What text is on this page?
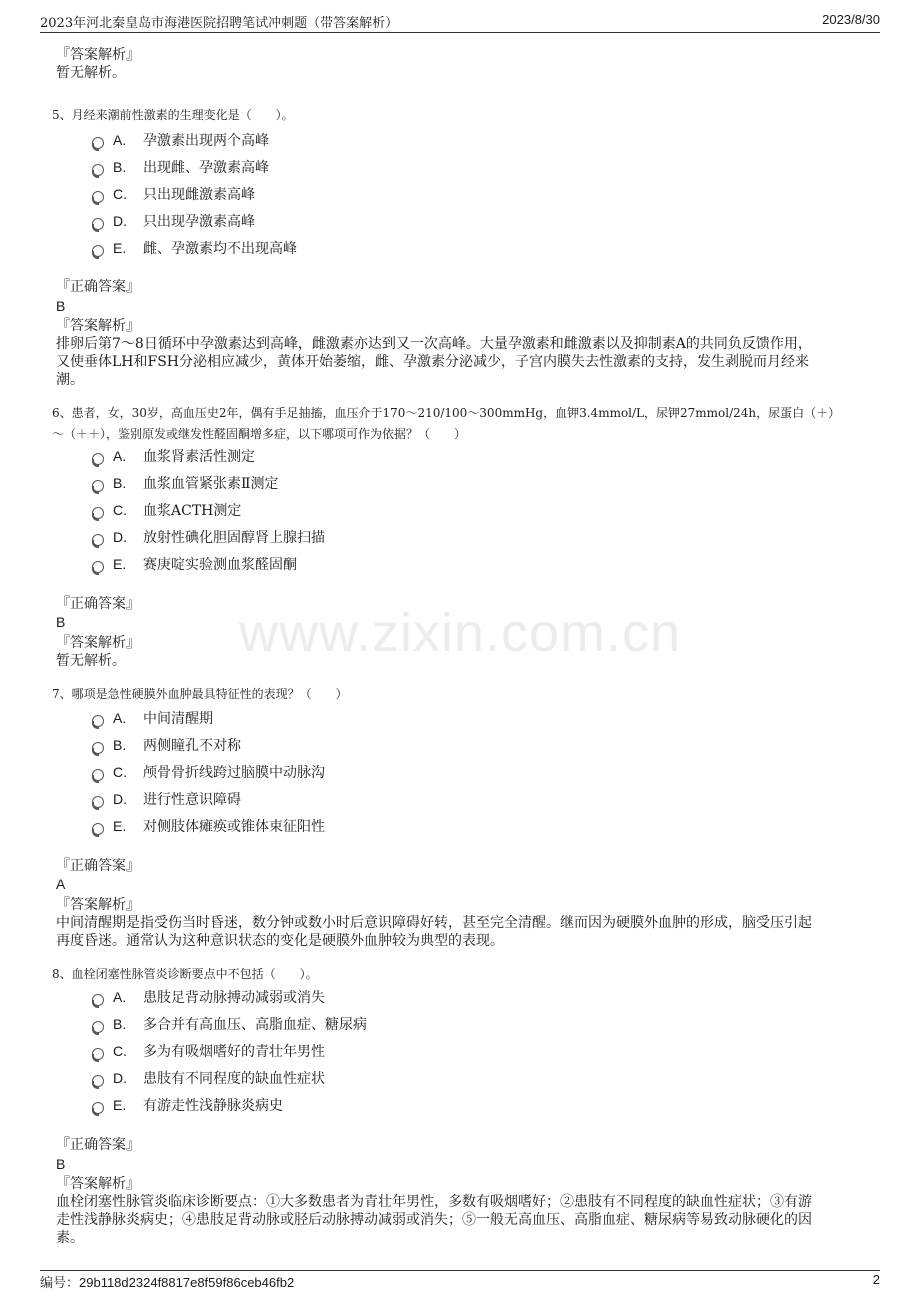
2023年河北秦皇岛市海港医院招聘笔试冲刺题（带答案解析）	2023/8/30
www.zixin.com.cn
『答案解析』
暂无解析。
5、月经来潮前性激素的生理变化是（　　）。
A.	孕激素出现两个高峰
B.	出现雌、孕激素高峰
C.	只出现雌激素高峰
D.	只出现孕激素高峰
E.	雌、孕激素均不出现高峰
『正确答案』
B
『答案解析』
排卵后第7～8日循环中孕激素达到高峰，雌激素亦达到又一次高峰。大量孕激素和雌激素以及抑制素A的共同负反馈作用，
又使垂体LH和FSH分泌相应减少，黄体开始萎缩，雌、孕激素分泌减少，子宫内膜失去性激素的支持，发生剥脱而月经来
潮。
6、患者，女，30岁，高血压史2年，偶有手足抽搐，血压介于170～210/100～300mmHg，血钾3.4mmol/L，尿钾27mmol/24h，尿蛋白（＋）
～（＋＋），鉴别原发或继发性醛固酮增多症，以下哪项可作为依据？（　　）
A.	血浆肾素活性测定
B.	血浆血管紧张素Ⅱ测定
C.	血浆ACTH测定
D.	放射性碘化胆固醇肾上腺扫描
E.	赛庚啶实验测血浆醛固酮
『正确答案』
B
『答案解析』
暂无解析。
7、哪项是急性硬膜外血肿最具特征性的表现？（　　）
A.	中间清醒期
B.	两侧瞳孔不对称
C.	颅骨骨折线跨过脑膜中动脉沟
D.	进行性意识障碍
E.	对侧肢体瘫痪或锥体束征阳性
『正确答案』
A
『答案解析』
中间清醒期是指受伤当时昏迷，数分钟或数小时后意识障碍好转，甚至完全清醒。继而因为硬膜外血肿的形成，脑受压引起
再度昏迷。通常认为这种意识状态的变化是硬膜外血肿较为典型的表现。
8、血栓闭塞性脉管炎诊断要点中不包括（　　）。
A.	患肢足背动脉搏动减弱或消失
B.	多合并有高血压、高脂血症、糖尿病
C.	多为有吸烟嗜好的青壮年男性
D.	患肢有不同程度的缺血性症状
E.	有游走性浅静脉炎病史
『正确答案』
B
『答案解析』
血栓闭塞性脉管炎临床诊断要点：①大多数患者为青壮年男性，多数有吸烟嗜好；②患肢有不同程度的缺血性症状；③有游
走性浅静脉炎病史；④患肢足背动脉或胫后动脉搏动减弱或消失；⑤一般无高血压、高脂血症、糖尿病等易致动脉硬化的因
素。
编号：29b118d2324f8817e8f59f86ceb46fb2	2
